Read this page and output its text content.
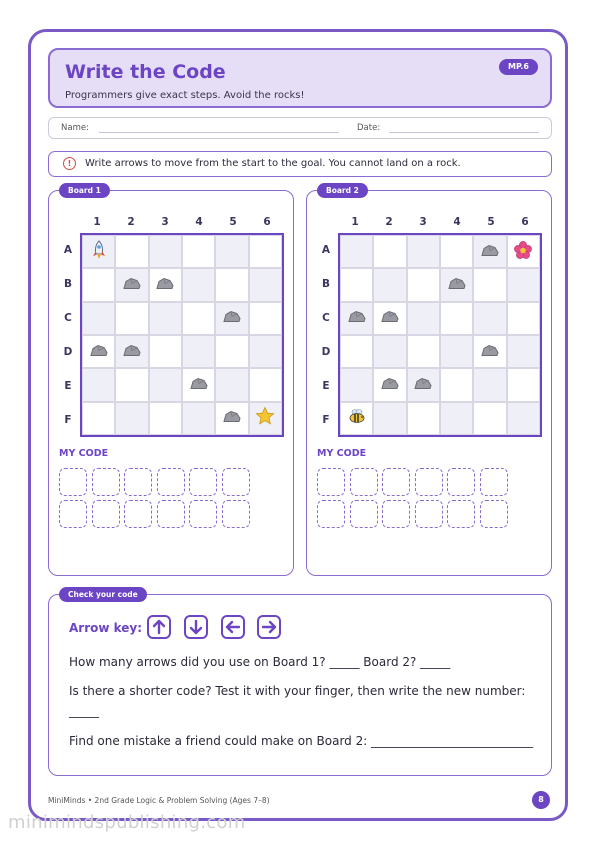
Write the Code
Programmers give exact steps. Avoid the rocks!
MP.6
Name:	Date:
!	Write arrows to move from the start to the goal. You cannot land on a rock.
Board 1
MY CODE
1	2	3	4	5	6
A
B
C
D
E
F
Board 2
MY CODE
1	2	3	4	5	6
A
B
C
D
E
F
Check your code
Arrow key:
How many arrows did you use on Board 1? _____ Board 2? _____
Is there a shorter code? Test it with your finger, then write the new number:
_____
Find one mistake a friend could make on Board 2: ___________________________
MiniMinds • 2nd Grade Logic & Problem Solving (Ages 7–8)	8
minimindspublishing.com
